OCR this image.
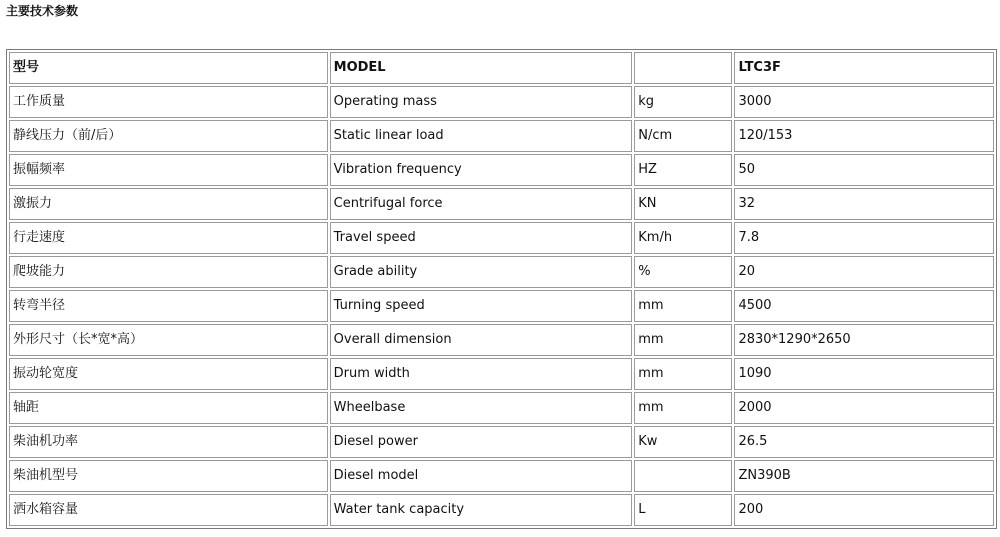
主要技术参数
型号	MODEL		LTC3F
工作质量	Operating mass	kg	3000
静线压力（前/后）	Static linear load	N/cm	120/153
振幅频率	Vibration frequency	HZ	50
激振力	Centrifugal force	KN	32
行走速度	Travel speed	Km/h	7.8
爬坡能力	Grade ability	%	20
转弯半径	Turning speed	mm	4500
外形尺寸（长*宽*高）	Overall dimension	mm	2830*1290*2650
振动轮宽度	Drum width	mm	1090
轴距	Wheelbase	mm	2000
柴油机功率	Diesel power	Kw	26.5
柴油机型号	Diesel model		ZN390B
洒水箱容量	Water tank capacity	L	200
